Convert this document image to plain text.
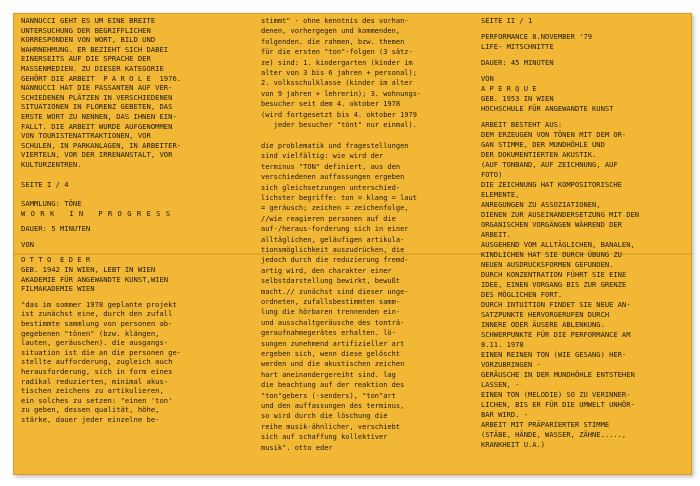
NANNUCCI GEHT ES UM EINE BREITE
UNTERSUCHUNG DER BEGRIFFLICHEN
KORRESPONDEN VON WORT, BILD UND
WAHRNEHMUNG. ER BEZIEHT SICH DABEI
EINERSEITS AUF DIE SPRACHE DER
MASSENMEDIEN. ZU DIESER KATEGORIE
GEHÖRT DIE ARBEIT  P A R O L E  1976.
NANNUCCI HAT DIE PASSANTEN AUF VER-
SCHIEDENEN PLÄTZEN IN VERSCHIEDENEN
SITUATIONEN IN FLORENZ GEBETEN, DAS
ERSTE WORT ZU NENNEN, DAS IHNEN EIN-
FALLT. DIE ARBEIT WURDE AUFGENOMMEN
VON TOURISTENATTRAKTIONEN, VOR
SCHULEN, IN PARKANLAGEN, IN ARBEITER-
VIERTELN, VOR DER IRRENANSTALT, VOR
KULTURZENTREN.
SEITE I / 4
SAMMLUNG: TÖNE
W O R K   I N   P R O G R E S S
DAUER: 5 MINUTEN
VON
O T T O  E D E R
GEB. 1942 IN WIEN, LEBT IN WIEN
AKADEMIE FÜR ANGEWANDTE KUNST,WIEN
FILMAKADEMIE WIEN
"das im sommer 1978 geplante projekt
ist zunächst eine, durch den zufall
bestimmte sammlung von personen ab-
gegebenen "tönen" (bzw. klängen,
lauten, geräuschen). die ausgangs-
situation ist die an die personen ge-
stellte aufforderung, zugleich auch
herausforderung, sich in form eines
radikal reduzierten, minimal akus-
tischen zeichens zu artikulieren,
ein solches zu setzen: "einen 'ton'
zu geben, dessen qualität, höhe,
stärke, dauer jeder einzelne be-
stimmt" - ohne kenntnis des vorhan-
denen, vorhergegen und kommenden,
folgenden. die rahmen, bzw. themen
für die ersten "ton"-folgen (3 sätz-
ze) sind: 1. kindergarten (kinder im
alter von 3 bis 6 jahren + personal);
2. volksschulklasse (kinder im alter
von 9 jahren + lehrerin); 3. wohnungs-
besucher seit dem 4. oktober 1978
(wird fortgesetzt bis 4. oktober 1979
jeder besucher "tönt" nur einmal).
die problematik und fragestellungen
sind vielfältig: wie wird der
terminus "TON" definiert, aus den
verschiedenen auffassungen ergeben
sich gleichsetzungen unterschied-
lichster begriffe: ton = klang = laut
= geräusch; zeichen = zeichenfolge,
//wie reagieren personen auf die
auf-/heraus-forderung sich in einer
alltäglichen, geläufigen artikula-
tionsmöglichkeit auszudrücken, die
jedoch durch die reduzierung fremd-
artig wird, den charakter einer
selbstdarstellung bewirkt, bewußt
macht.// zunächst sind dieser unge-
ordneten, zufallsbestimmten samm-
lung die hörbaren trennenden ein-
und ausschaltgeräusche des tonträ-
geraufnahmegerätes erhalten. lö-
sungen zunehmend artifizieller art
ergeben sich, wenn diese gelöscht
werden und die akustischen zeichen
hart aneinandergereiht sind. lag
die beachtung auf der reaktion des
"ton"gebers (-senders), "ton"art
und den auffassungen des terminus,
so wird durch die löschung die
reihe musik-ähnlicher, verschiebt
sich auf schaffung kollektiver
musik". otto eder
SEITE II / 1
PERFORMANCE 8.NOVEMBER '79
LIFE- MITSCHNITTE
DAUER: 45 MINUTEN
VON
A P E R Q U E
GEB. 1953 IN WIEN
HOCHSCHULE FÜR ANGEWANDTE KUNST
ARBEIT BESTEHT AUS:
DEM ERZEUGEN VON TÖNEN MIT DEM OR-
GAN STIMME, DER MUNDHÖHLE UND
DER DOKUMENTIERTEN AKUSTIK.
(AUF TONBAND, AUF ZEICHNUNG, AUF
FOTO)
DIE ZEICHNUNG HAT KOMPOSITORISCHE
ELEMENTE,
ANREGUNGEN ZU ASSOZIATIONEN,
DIENEN ZUR AUSEINANDERSETZUNG MIT DEN
ORGANISCHEN VORGÄNGEN WÄHREND DER
ARBEIT.
AUSGEHEND VOM ALLTÄGLICHEN, BANALEN,
KINDLICHEN HAT SIE DURCH ÜBUNG ZU
NEUEN AUSDRUCKSFORMEN GEFUNDEN.
DURCH KONZENTRATION FÜHRT SIE EINE
IDEE, EINEN VORGANG BIS ZUR GRENZE
DES MÖGLICHEN FORT.
DURCH INTUITION FINDET SIE NEUE AN-
SATZPUNKTE HERVORGERUFEN DURCH
INNERE ODER ÄUSERE ABLENKUNG.
SCHWERPUNKTE FÜR DIE PERFORMANCE AM
8.11. 1978
EINEN REINEN TON (WIE GESANG) HER-
VORZUBRINGEN -
GERÄUSCHE IN DER MUNDHÖHLE ENTSTEHEN
LASSEN, -
EINEN TON (MELODIE) SO ZU VERINNER-
LICHEN, BIS ER FÜR DIE UMWELT UNHÖR-
BAR WIRD. -
ARBEIT MIT PRÄPARIERTER STIMME
(STÄBE, HÄNDE, WASSER, ZÄHNE.....,
KRANKHEIT U.A.)
